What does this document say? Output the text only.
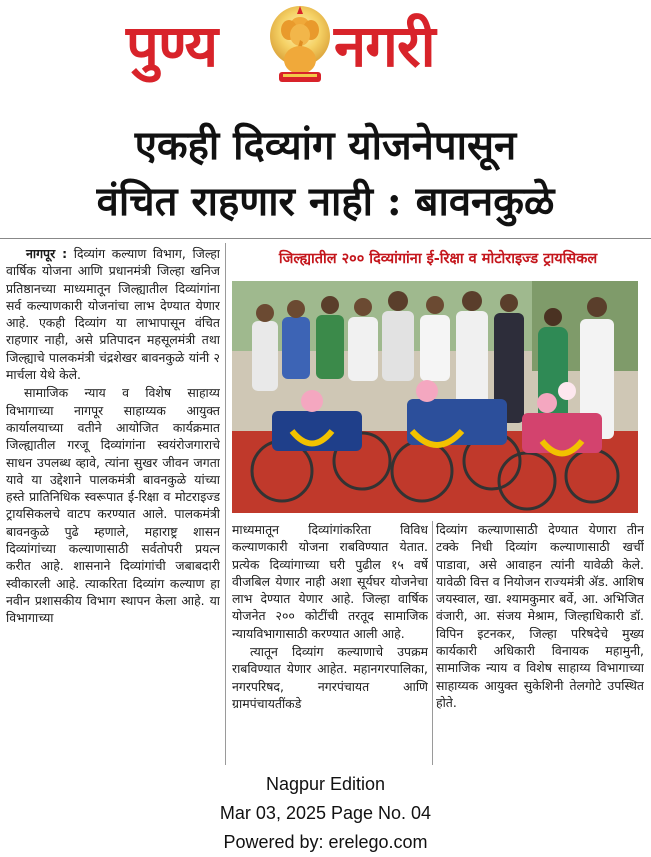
पुण्य नगरी
एकही दिव्यांग योजनेपासून
वंचित राहणार नाही : बावनकुळे

नागपूर : दिव्यांग कल्याण विभाग, जिल्हा वार्षिक योजना आणि प्रधानमंत्री जिल्हा खनिज प्रतिष्ठानच्या माध्यमातून जिल्ह्यातील दिव्यांगांना सर्व कल्याणकारी योजनांचा लाभ देण्यात येणार आहे. एकही दिव्यांग या लाभापासून वंचित राहणार नाही, असे प्रतिपादन महसूलमंत्री तथा जिल्ह्याचे पालकमंत्री चंद्रशेखर बावनकुळे यांनी २ मार्चला येथे केले.

सामाजिक न्याय व विशेष साहाय्य विभागाच्या नागपूर साहाय्यक आयुक्त कार्यालयाच्या वतीने आयोजित कार्यक्रमात जिल्ह्यातील गरजू दिव्यांगांना स्वयंरोजगाराचे साधन उपलब्ध व्हावे, त्यांना सुखर जीवन जगता यावे या उद्देशाने पालकमंत्री बावनकुळे यांच्या हस्ते प्रातिनिधिक स्वरूपात ई-रिक्षा व मोटराइज्ड ट्रायसिकलचे वाटप करण्यात आले. पालकमंत्री बावनकुळे पुढे म्हणाले, महाराष्ट्र शासन दिव्यांगांच्या कल्याणासाठी सर्वतोपरी प्रयत्न करीत आहे. शासनाने दिव्यांगांची जबाबदारी स्वीकारली आहे. त्याकरिता दिव्यांग कल्याण हा नवीन प्रशासकीय विभाग स्थापन केला आहे. या विभागाच्या

जिल्ह्यातील २०० दिव्यांगांना ई-रिक्षा व मोटोराइज्ड ट्रायसिकल

माध्यमातून दिव्यांगांकरिता विविध कल्याणकारी योजना राबविण्यात येतात. प्रत्येक दिव्यांगाच्या घरी पुढील १५ वर्षे वीजबिल येणार नाही अशा सूर्यघर योजनेचा लाभ देण्यात येणार आहे. जिल्हा वार्षिक योजनेत २०० कोटींची तरतूद सामाजिक न्यायविभागासाठी करण्यात आली आहे.

त्यातून दिव्यांग कल्याणाचे उपक्रम राबविण्यात येणार आहेत. महानगरपालिका, नगरपरिषद, नगरपंचायत आणि ग्रामपंचायतींकडे

दिव्यांग कल्याणासाठी देण्यात येणारा तीन टक्के निधी दिव्यांग कल्याणासाठी खर्ची पाडावा, असे आवाहन त्यांनी यावेळी केले. यावेळी वित्त व नियोजन राज्यमंत्री ॲड. आशिष जयस्वाल, खा. श्यामकुमार बर्वे, आ. अभिजित वंजारी, आ. संजय मेश्राम, जिल्हाधिकारी डॉ. विपिन इटनकर, जिल्हा परिषदेचे मुख्य कार्यकारी अधिकारी विनायक महामुनी, सामाजिक न्याय व विशेष साहाय्य विभागाच्या साहाय्यक आयुक्त सुकेशिनी तेलगोटे उपस्थित होते.

Nagpur Edition
Mar 03, 2025 Page No. 04
Powered by: erelego.com
